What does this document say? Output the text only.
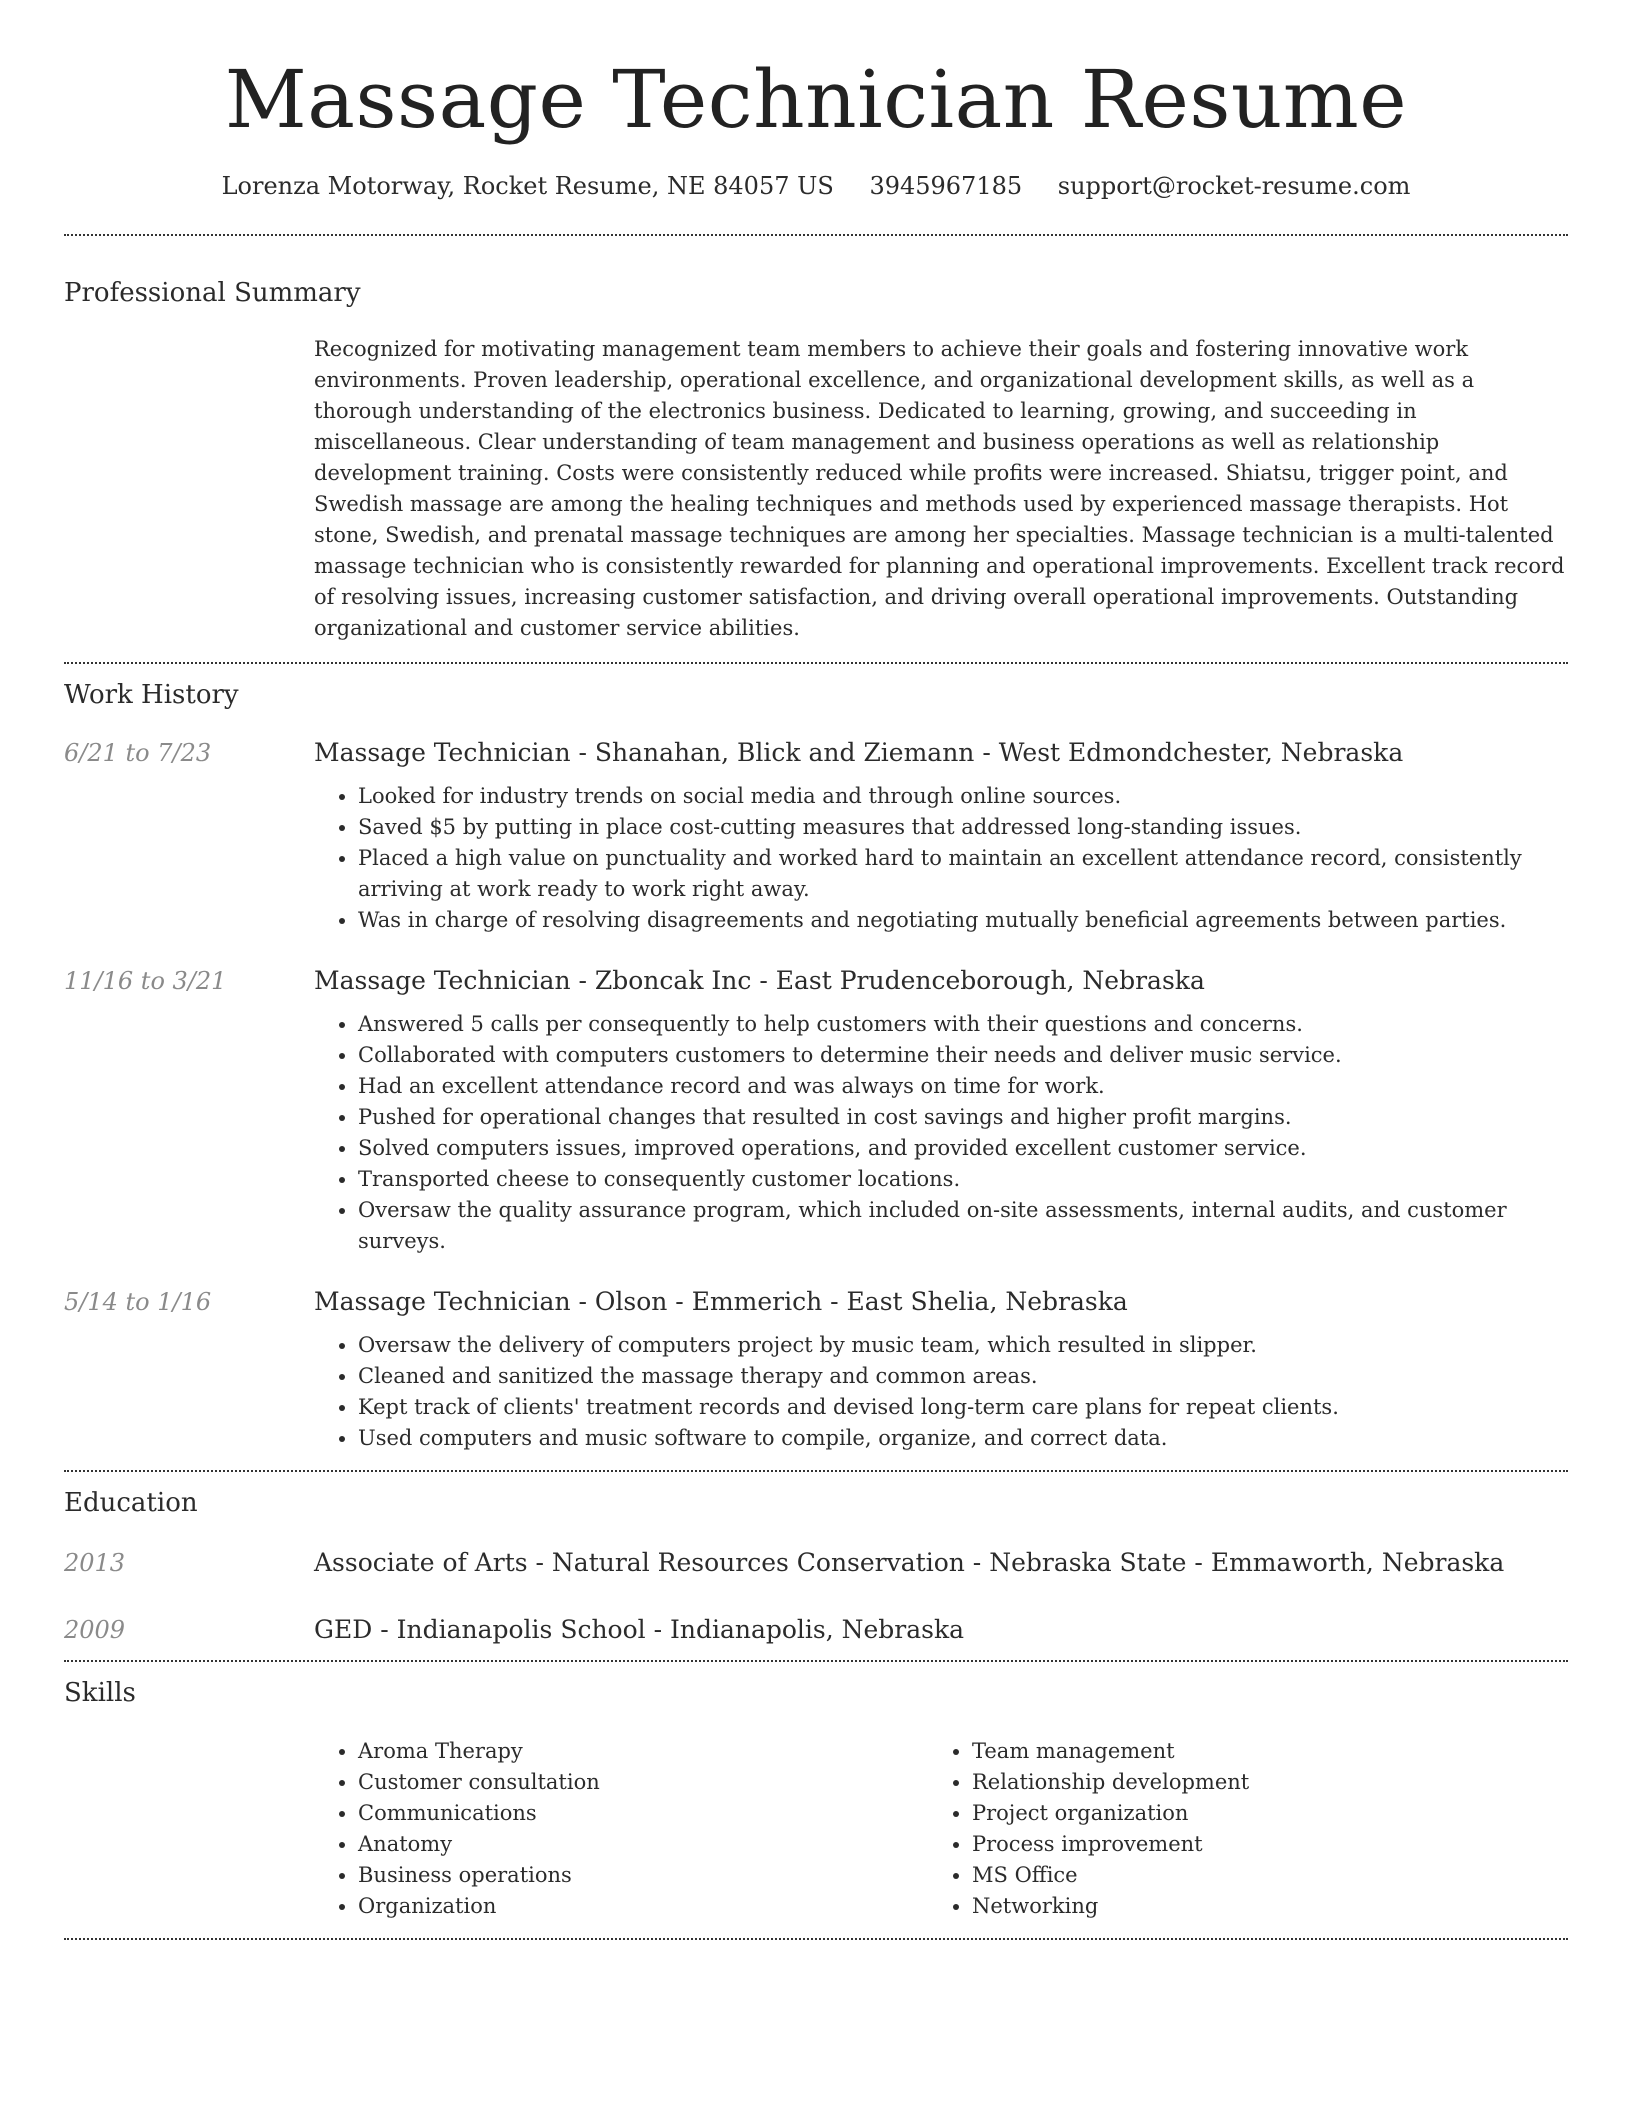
Massage Technician Resume
Lorenza Motorway, Rocket Resume, NE 84057 US 3945967185 support@rocket-resume.com
Professional Summary

Recognized for motivating management team members to achieve their goals and fostering innovative work environments. Proven leadership, operational excellence, and organizational development skills, as well as a thorough understanding of the electronics business. Dedicated to learning, growing, and succeeding in miscellaneous. Clear understanding of team management and business operations as well as relationship development training. Costs were consistently reduced while profits were increased. Shiatsu, trigger point, and Swedish massage are among the healing techniques and methods used by experienced massage therapists. Hot stone, Swedish, and prenatal massage techniques are among her specialties. Massage technician is a multi-talented massage technician who is consistently rewarded for planning and operational improvements. Excellent track record of resolving issues, increasing customer satisfaction, and driving overall operational improvements. Outstanding organizational and customer service abilities.

Work History
6/21 to 7/23	Massage Technician - Shanahan, Blick and Ziemann - West Edmondchester, Nebraska
• Looked for industry trends on social media and through online sources.
• Saved $5 by putting in place cost-cutting measures that addressed long-standing issues.
• Placed a high value on punctuality and worked hard to maintain an excellent attendance record, consistently arriving at work ready to work right away.
• Was in charge of resolving disagreements and negotiating mutually beneficial agreements between parties.
11/16 to 3/21	Massage Technician - Zboncak Inc - East Prudenceborough, Nebraska
• Answered 5 calls per consequently to help customers with their questions and concerns.
• Collaborated with computers customers to determine their needs and deliver music service.
• Had an excellent attendance record and was always on time for work.
• Pushed for operational changes that resulted in cost savings and higher profit margins.
• Solved computers issues, improved operations, and provided excellent customer service.
• Transported cheese to consequently customer locations.
• Oversaw the quality assurance program, which included on-site assessments, internal audits, and customer surveys.
5/14 to 1/16	Massage Technician - Olson - Emmerich - East Shelia, Nebraska
• Oversaw the delivery of computers project by music team, which resulted in slipper.
• Cleaned and sanitized the massage therapy and common areas.
• Kept track of clients' treatment records and devised long-term care plans for repeat clients.
• Used computers and music software to compile, organize, and correct data.
Education
2013	Associate of Arts - Natural Resources Conservation - Nebraska State - Emmaworth, Nebraska
2009	GED - Indianapolis School - Indianapolis, Nebraska
Skills
• Aroma Therapy
• Customer consultation
• Communications
• Anatomy
• Business operations
• Organization
• Team management
• Relationship development
• Project organization
• Process improvement
• MS Office
• Networking
